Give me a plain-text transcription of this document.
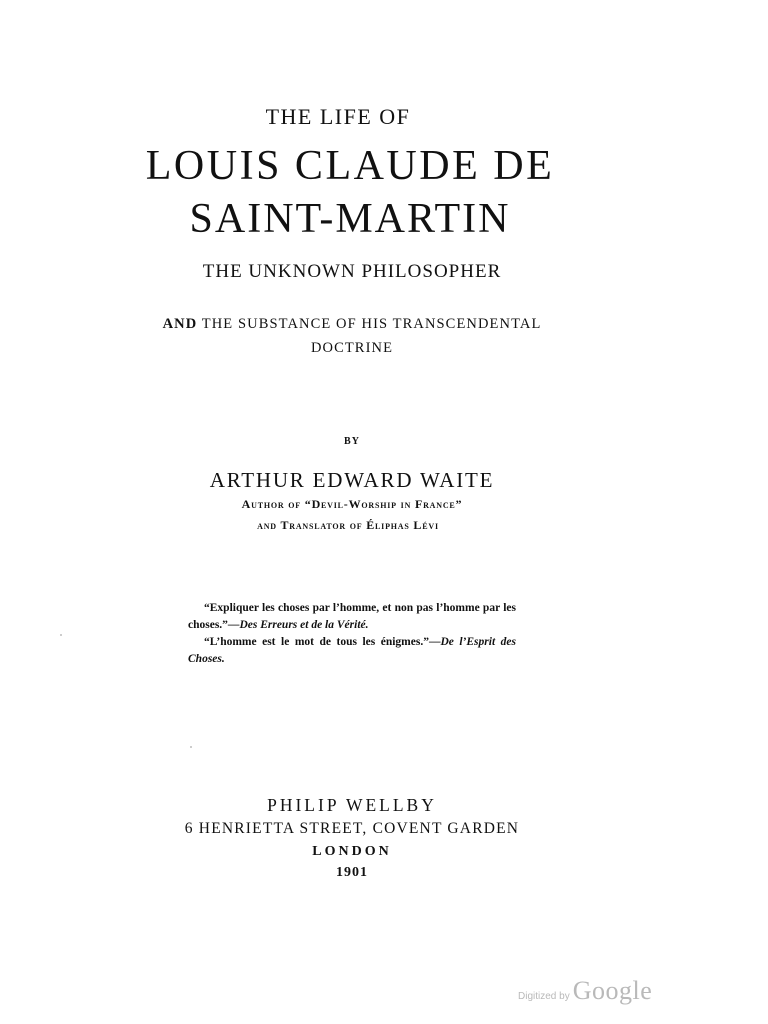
THE LIFE OF
LOUIS CLAUDE DE
SAINT-MARTIN
THE UNKNOWN PHILOSOPHER
AND THE SUBSTANCE OF HIS TRANSCENDENTAL
DOCTRINE
BY
ARTHUR EDWARD WAITE
Author of “Devil-Worship in France”
and Translator of Éliphas Lévi

“Expliquer les choses par l’homme, et non pas l’homme par les choses.”—Des Erreurs et de la Vérité.

“L’homme est le mot de tous les énigmes.”—De l’Esprit des Choses.

PHILIP WELLBY
6 HENRIETTA STREET, COVENT GARDEN
LONDON
1901
Digitized by Google
